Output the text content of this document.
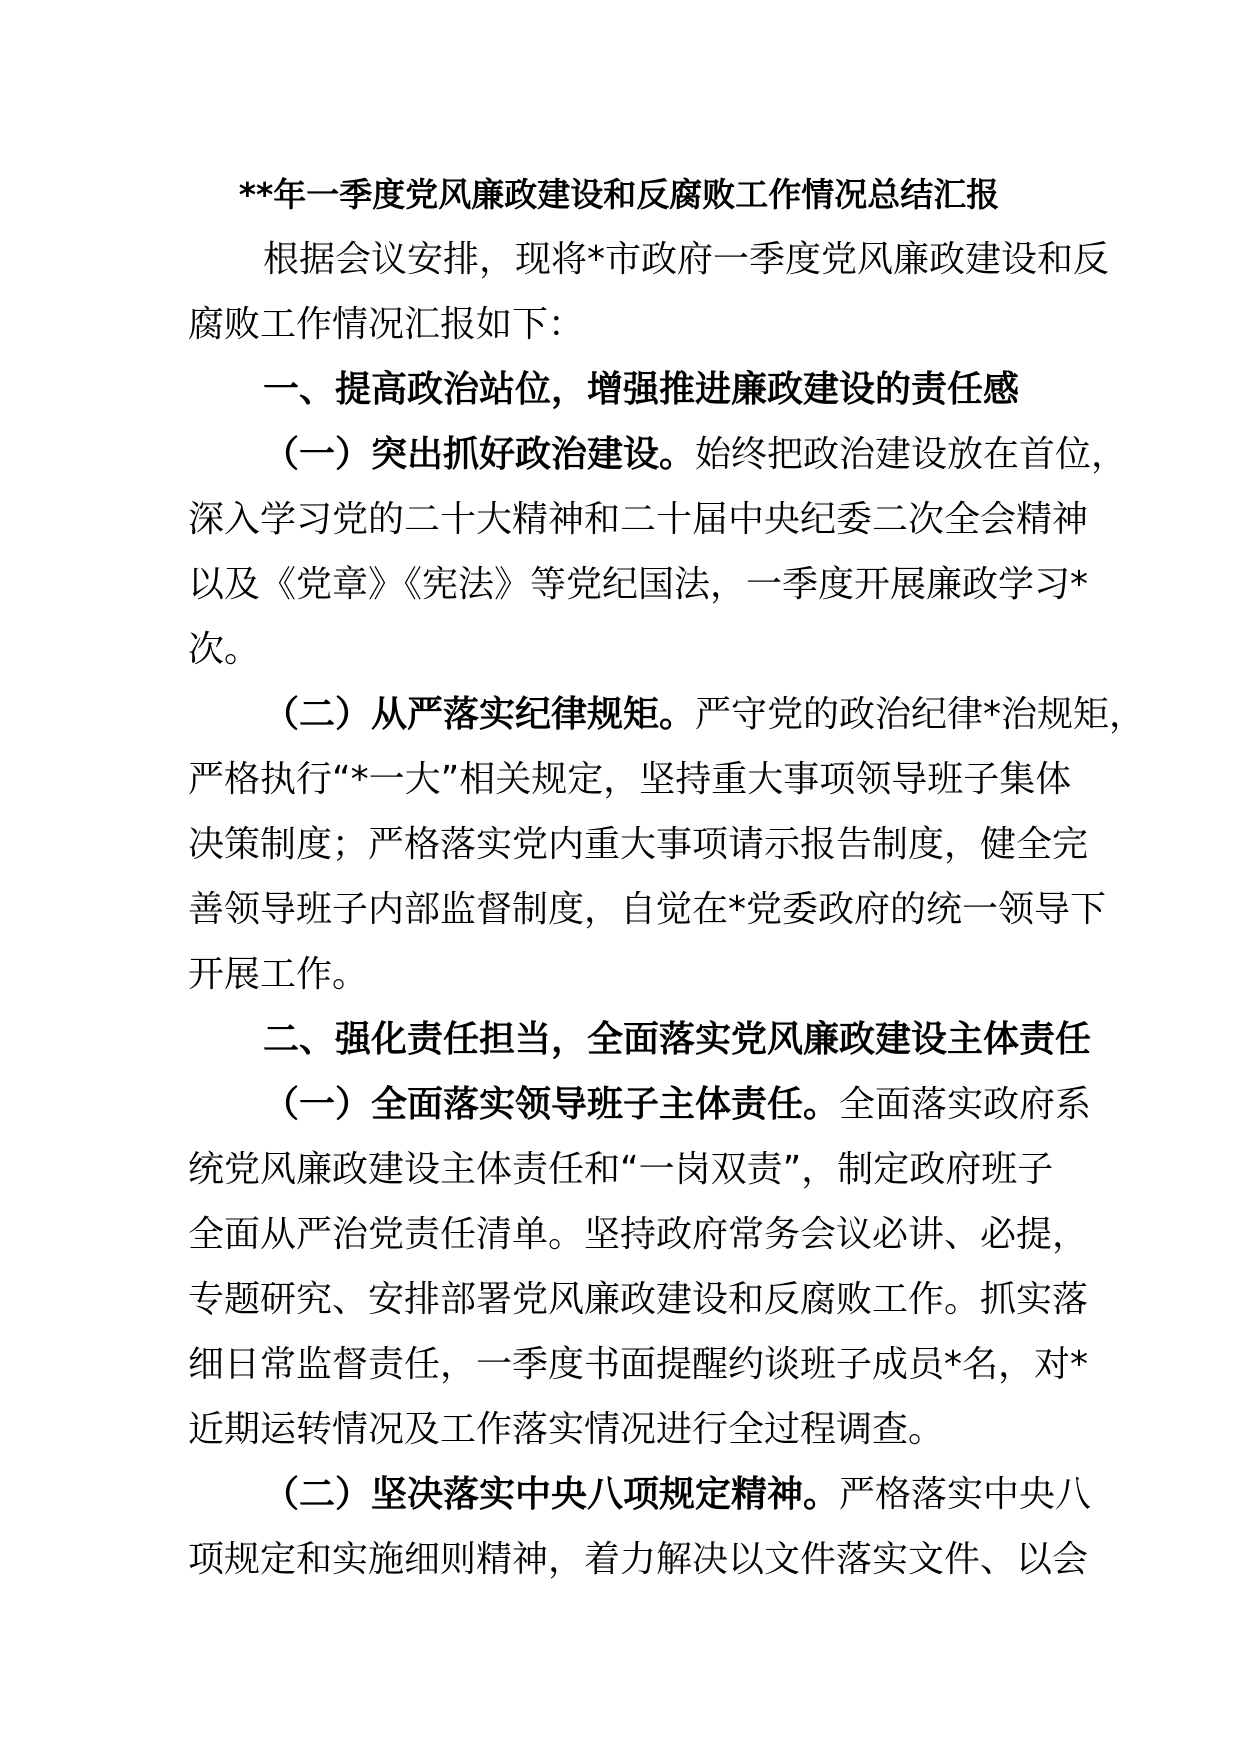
**年一季度党风廉政建设和反腐败工作情况总结汇报
根据会议安排，现将*市政府一季度党风廉政建设和反
腐败工作情况汇报如下：
一、提高政治站位，增强推进廉政建设的责任感
（一）突出抓好政治建设。始终把政治建设放在首位，
深入学习党的二十大精神和二十届中央纪委二次全会精神
以及《党章》《宪法》等党纪国法，一季度开展廉政学习*
次。
（二）从严落实纪律规矩。严守党的政治纪律*治规矩，
严格执行“*一大”相关规定，坚持重大事项领导班子集体
决策制度；严格落实党内重大事项请示报告制度，健全完
善领导班子内部监督制度，自觉在*党委政府的统一领导下
开展工作。
二、强化责任担当，全面落实党风廉政建设主体责任
（一）全面落实领导班子主体责任。全面落实政府系
统党风廉政建设主体责任和“一岗双责”，制定政府班子
全面从严治党责任清单。坚持政府常务会议必讲、必提，
专题研究、安排部署党风廉政建设和反腐败工作。抓实落
细日常监督责任，一季度书面提醒约谈班子成员*名，对*
近期运转情况及工作落实情况进行全过程调查。
（二）坚决落实中央八项规定精神。严格落实中央八
项规定和实施细则精神，着力解决以文件落实文件、以会
